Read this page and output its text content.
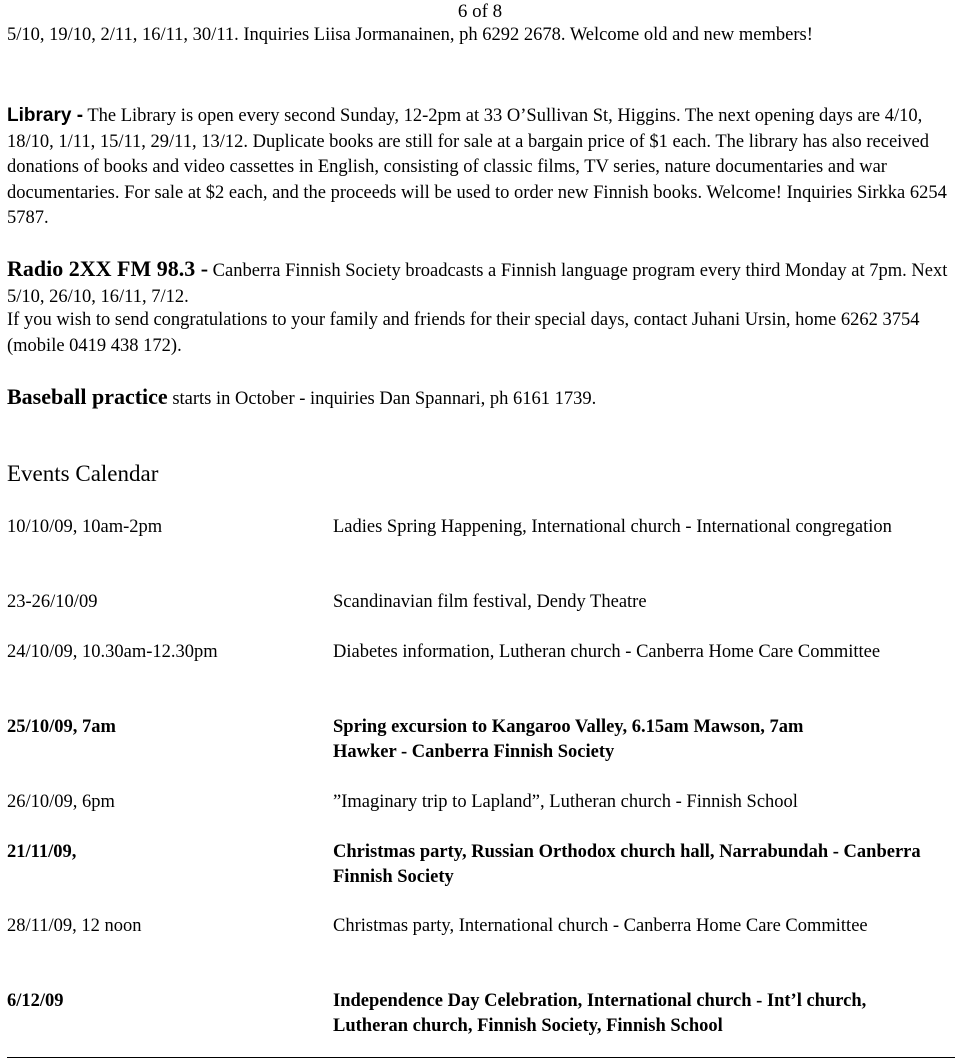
6 of 8

5/10, 19/10, 2/11, 16/11, 30/11. Inquiries Liisa Jormanainen, ph 6292 2678. Welcome old and new members!

Library - The Library is open every second Sunday, 12-2pm at 33 O’Sullivan St, Higgins. The next opening days are 4/10, 18/10, 1/11, 15/11, 29/11, 13/12. Duplicate books are still for sale at a bargain price of $1 each. The library has also received donations of books and video cassettes in English, consisting of classic films, TV series, nature documentaries and war documentaries. For sale at $2 each, and the proceeds will be used to order new Finnish books. Welcome! Inquiries Sirkka 6254 5787.

Radio 2XX FM 98.3 - Canberra Finnish Society broadcasts a Finnish language program every third Monday at 7pm. Next 5/10, 26/10, 16/11, 7/12.

If you wish to send congratulations to your family and friends for their special days, contact Juhani Ursin, home 6262 3754 (mobile 0419 438 172).

Baseball practice starts in October - inquiries Dan Spannari, ph 6161 1739.

Events Calendar
10/10/09, 10am-2pm	Ladies Spring Happening, International church - International congregation
23-26/10/09	Scandinavian film festival, Dendy Theatre
24/10/09, 10.30am-12.30pm	Diabetes information, Lutheran church - Canberra Home Care Committee
25/10/09, 7am	Spring excursion to Kangaroo Valley, 6.15am Mawson, 7am Hawker - Canberra Finnish Society
26/10/09, 6pm	”Imaginary trip to Lapland”, Lutheran church - Finnish School
21/11/09,	Christmas party, Russian Orthodox church hall, Narrabundah - Canberra Finnish Society
28/11/09, 12 noon	Christmas party, International church - Canberra Home Care Committee
6/12/09	Independence Day Celebration, International church - Int’l church, Lutheran church, Finnish Society, Finnish School
